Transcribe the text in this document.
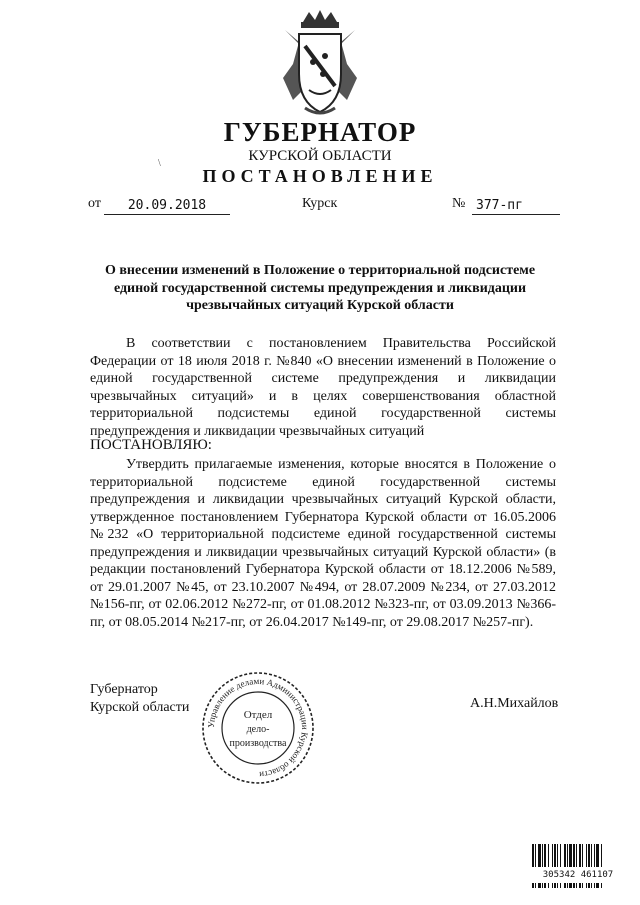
\
ГУБЕРНАТОР
КУРСКОЙ ОБЛАСТИ
ПОСТАНОВЛЕНИЕ
от	20.09.2018	Курск	№ 377-пг
О внесении изменений в Положение о территориальной подсистеме единой государственной системы предупреждения и ликвидации чрезвычайных ситуаций Курской области
В соответствии с постановлением Правительства Российской Федерации от 18 июля 2018 г. №840 «О внесении изменений в Положение о единой государственной системе предупреждения и ликвидации чрезвычайных ситуаций» и в целях совершенствования областной территориальной подсистемы единой государственной системы предупреждения и ликвидации чрезвычайных ситуаций
ПОСТАНОВЛЯЮ:
Утвердить прилагаемые изменения, которые вносятся в Положение о территориальной подсистеме единой государственной системы предупреждения и ликвидации чрезвычайных ситуаций Курской области, утвержденное постановлением Губернатора Курской области от 16.05.2006 №232 «О территориальной подсистеме единой государственной системы предупреждения и ликвидации чрезвычайных ситуаций Курской области» (в редакции постановлений Губернатора Курской области от 18.12.2006 №589, от 29.01.2007 №45, от 23.10.2007 №494, от 28.07.2009 №234, от 27.03.2012 №156-пг, от 02.06.2012 №272-пг, от 01.08.2012 №323-пг, от 03.09.2013 №366-пг, от 08.05.2014 №217-пг, от 26.04.2017 №149-пг, от 29.08.2017 №257-пг).
Губернатор
Курской области
Управление делами Администрации Курской области
Отдел
дело-
производства
А.Н.Михайлов
305342 461107
